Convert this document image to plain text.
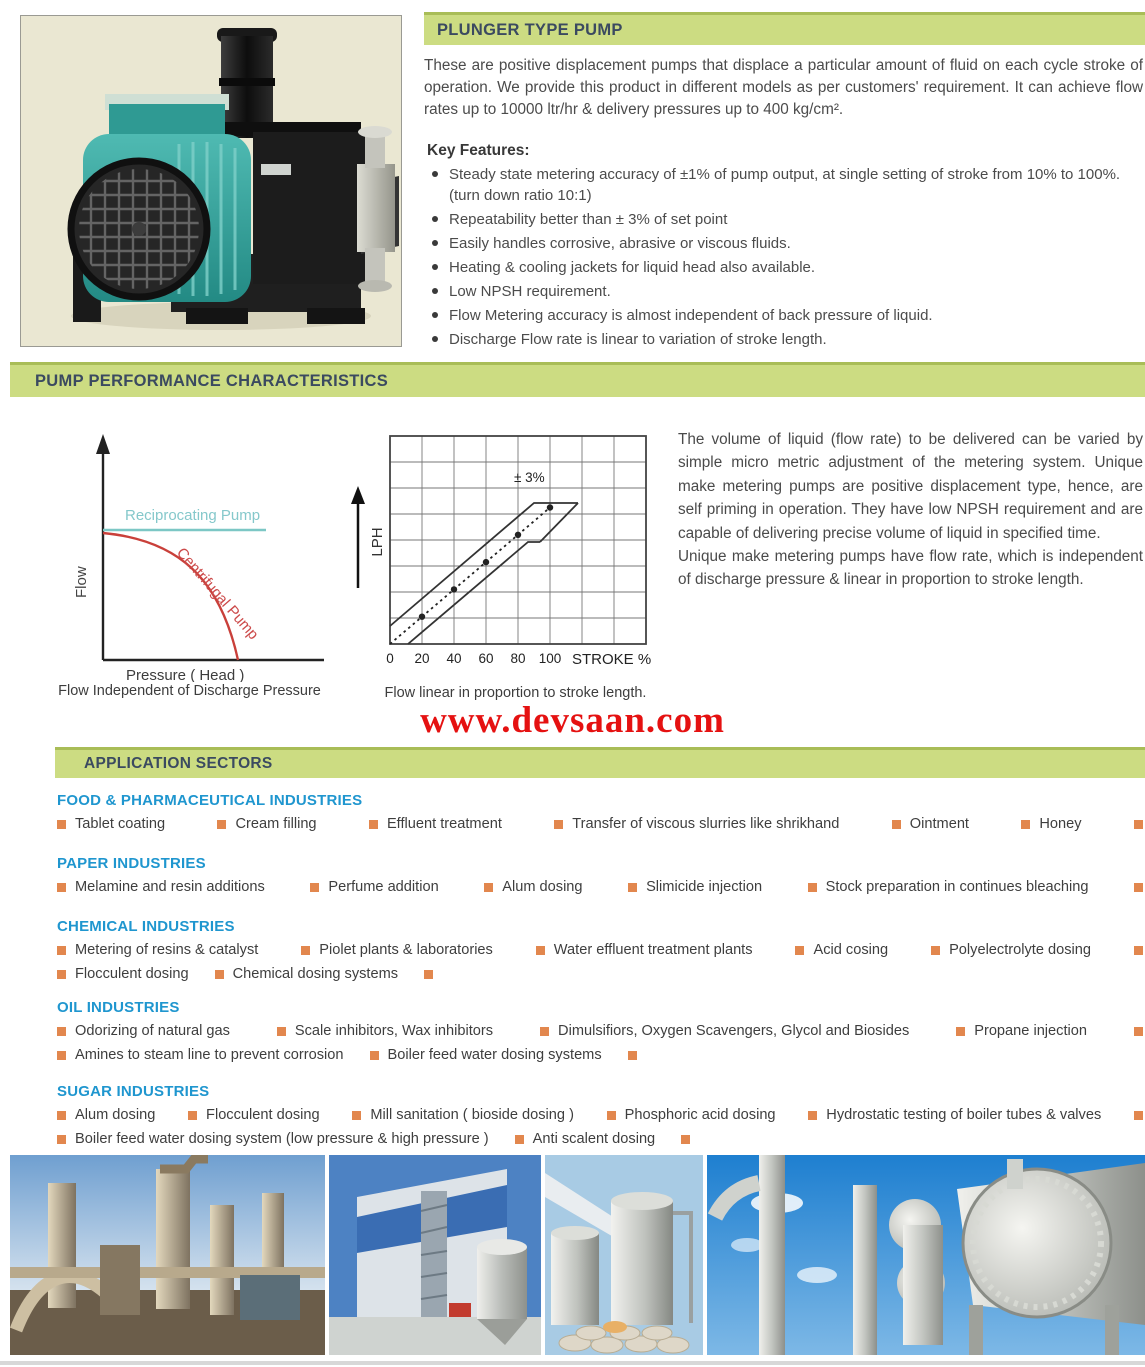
PLUNGER TYPE PUMP
These are positive displacement pumps that displace a particular amount of fluid on each cycle stroke of operation. We provide this product in different models as per customers' requirement. It can achieve flow rates up to 10000 ltr/hr & delivery pressures up to 400 kg/cm².
Key Features:
Steady state metering accuracy of ±1% of pump output, at single setting of stroke from 10% to 100%. (turn down ratio 10:1)
Repeatability better than ± 3% of set point
Easily handles corrosive, abrasive or viscous fluids.
Heating & cooling jackets for liquid head also available.
Low NPSH requirement.
Flow Metering accuracy is almost independent of back pressure of liquid.
Discharge Flow rate is linear to variation of stroke length.
PUMP PERFORMANCE CHARACTERISTICS
Flow
Reciprocating Pump
Centrifugal Pump
Pressure ( Head )
Flow Independent of Discharge Pressure
LPH
± 3%
0 20 40 60 80 100 STROKE %
Flow linear in proportion to stroke length.
The volume of liquid (flow rate) to be delivered can be varied by simple micro metric adjustment of the metering system. Unique make metering pumps are positive displacement type, hence, are self priming in operation. They have low NPSH requirement and are capable of delivering precise volume of liquid in specified time.
Unique make metering pumps have flow rate, which is independent of discharge pressure & linear in proportion to stroke length.
www.devsaan.com
APPLICATION SECTORS
FOOD & PHARMACEUTICAL INDUSTRIES
Tablet coating	Cream filling	Effluent treatment	Transfer of viscous slurries like shrikhand	Ointment	Honey
PAPER INDUSTRIES
Melamine and resin additions	Perfume addition	Alum dosing	Slimicide injection	Stock preparation in continues bleaching
CHEMICAL INDUSTRIES
Metering of resins & catalyst	Piolet plants & laboratories	Water effluent treatment plants	Acid cosing	Polyelectrolyte dosing
Flocculent dosing	Chemical dosing systems
OIL INDUSTRIES
Odorizing of natural gas	Scale inhibitors, Wax inhibitors	Dimulsifiors, Oxygen Scavengers, Glycol and Biosides	Propane injection
Amines to steam line to prevent corrosion	Boiler feed water dosing systems
SUGAR INDUSTRIES
Alum dosing	Flocculent dosing	Mill sanitation ( bioside dosing )	Phosphoric acid dosing	Hydrostatic testing of boiler tubes & valves
Boiler feed water dosing system (low pressure & high pressure )	Anti scalent dosing
